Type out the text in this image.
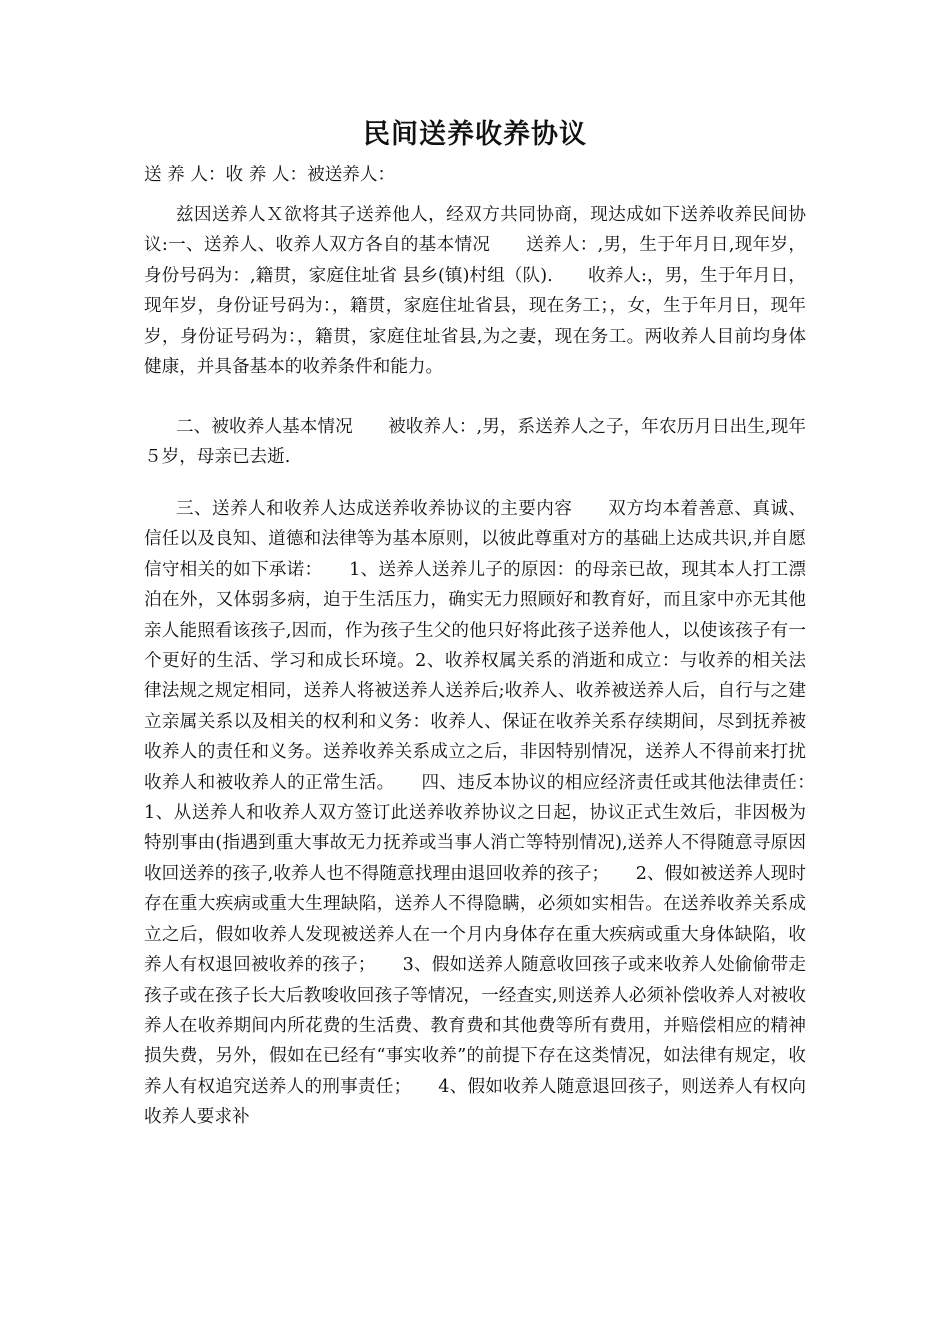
民间送养收养协议
送 养 人：收 养 人：被送养人：
兹因送养人Ｘ欲将其子送养他人，经双方共同协商，现达成如下送养收养民间协议:一、送养人、收养人双方各自的基本情况　　送养人：,男，生于年月日,现年岁，身份号码为：,籍贯，家庭住址省 县乡(镇)村组（队).　　收养人:，男，生于年月日，现年岁，身份证号码为：，籍贯，家庭住址省县，现在务工；，女，生于年月日，现年岁，身份证号码为：，籍贯，家庭住址省县,为之妻，现在务工。两收养人目前均身体健康，并具备基本的收养条件和能力。
二、被收养人基本情况　　被收养人：,男，系送养人之子，年农历月日出生,现年５岁，母亲已去逝.
三、送养人和收养人达成送养收养协议的主要内容　　双方均本着善意、真诚、信任以及良知、道德和法律等为基本原则，以彼此尊重对方的基础上达成共识,并自愿信守相关的如下承诺：　　1、送养人送养儿子的原因：的母亲已故，现其本人打工漂泊在外，又体弱多病，迫于生活压力，确实无力照顾好和教育好，而且家中亦无其他亲人能照看该孩子,因而，作为孩子生父的他只好将此孩子送养他人，以使该孩子有一个更好的生活、学习和成长环境。2、收养权属关系的消逝和成立：与收养的相关法律法规之规定相同，送养人将被送养人送养后;收养人、收养被送养人后，自行与之建立亲属关系以及相关的权利和义务：收养人、保证在收养关系存续期间，尽到抚养被收养人的责任和义务。送养收养关系成立之后，非因特别情况，送养人不得前来打扰收养人和被收养人的正常生活。　　四、违反本协议的相应经济责任或其他法律责任：　　1、从送养人和收养人双方签订此送养收养协议之日起，协议正式生效后，非因极为特别事由(指遇到重大事故无力抚养或当事人消亡等特别情况),送养人不得随意寻原因收回送养的孩子,收养人也不得随意找理由退回收养的孩子；　　2、假如被送养人现时存在重大疾病或重大生理缺陷，送养人不得隐瞒，必须如实相告。在送养收养关系成立之后，假如收养人发现被送养人在一个月内身体存在重大疾病或重大身体缺陷，收养人有权退回被收养的孩子；　　3、假如送养人随意收回孩子或来收养人处偷偷带走孩子或在孩子长大后教唆收回孩子等情况，一经查实,则送养人必须补偿收养人对被收养人在收养期间内所花费的生活费、教育费和其他费等所有费用，并赔偿相应的精神损失费，另外，假如在已经有“事实收养”的前提下存在这类情况，如法律有规定，收养人有权追究送养人的刑事责任；　　4、假如收养人随意退回孩子，则送养人有权向收养人要求补
